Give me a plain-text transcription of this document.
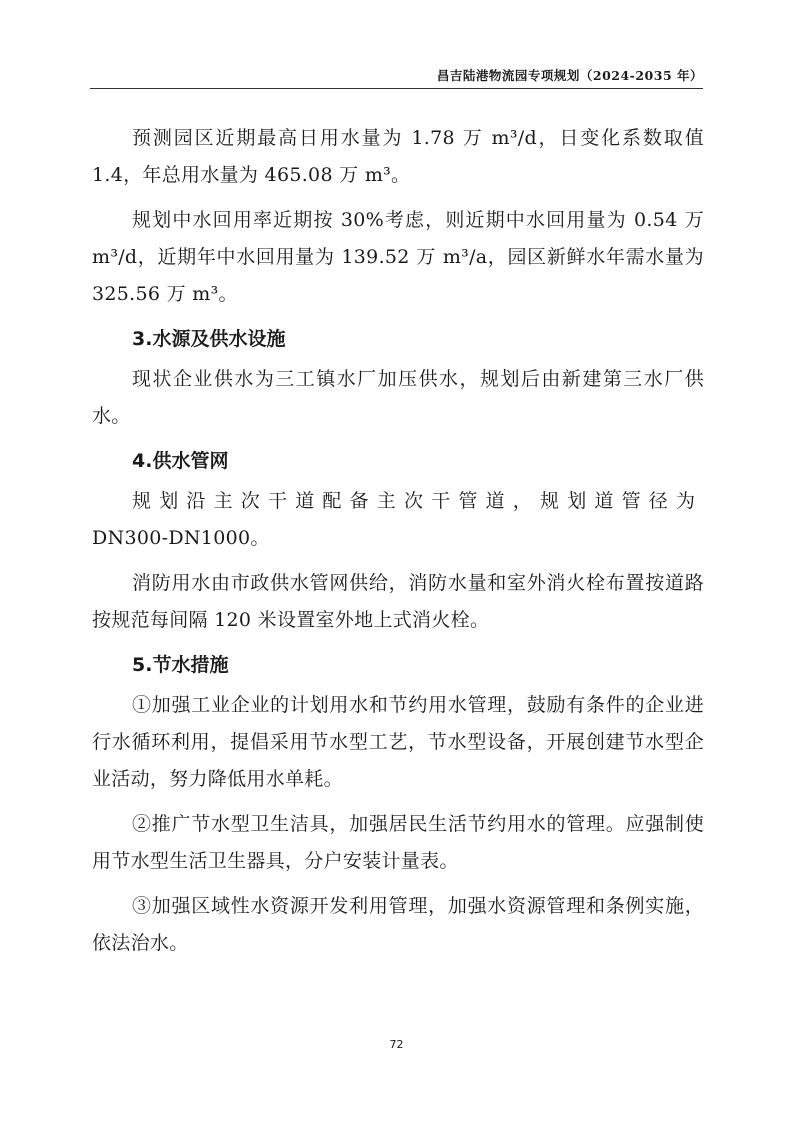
昌吉陆港物流园专项规划（2024-2035 年）

预测园区近期最高日用水量为 1.78 万 m³/d，日变化系数取值 1.4，年总用水量为 465.08 万 m³。

规划中水回用率近期按 30%考虑，则近期中水回用量为 0.54 万 m³/d，近期年中水回用量为 139.52 万 m³/a，园区新鲜水年需水量为 325.56 万 m³。

3.水源及供水设施

现状企业供水为三工镇水厂加压供水，规划后由新建第三水厂供水。

4.供水管网

规划沿主次干道配备主次干管道，规划道管径为
DN300-DN1000。

消防用水由市政供水管网供给，消防水量和室外消火栓布置按道路按规范每间隔 120 米设置室外地上式消火栓。

5.节水措施

①加强工业企业的计划用水和节约用水管理，鼓励有条件的企业进行水循环利用，提倡采用节水型工艺，节水型设备，开展创建节水型企业活动，努力降低用水单耗。

②推广节水型卫生洁具，加强居民生活节约用水的管理。应强制使用节水型生活卫生器具，分户安装计量表。

③加强区域性水资源开发利用管理，加强水资源管理和条例实施，依法治水。

72
